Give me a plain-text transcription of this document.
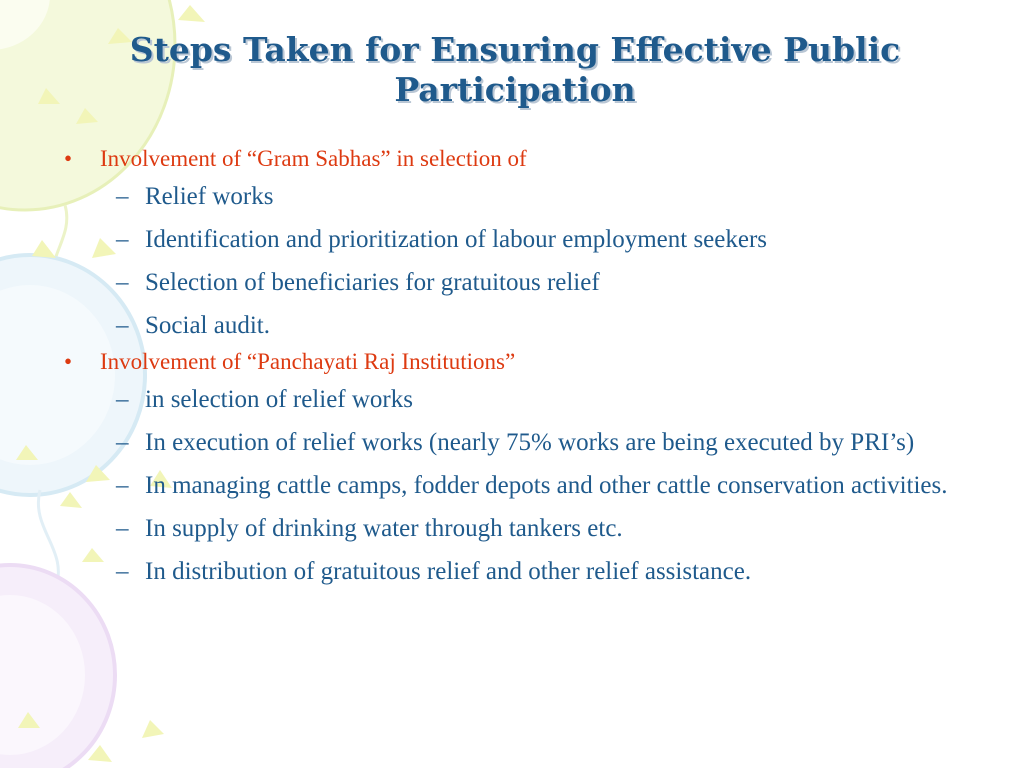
Steps Taken for Ensuring Effective Public Participation
• Involvement of “Gram Sabhas” in selection of
– Relief works
– Identification and prioritization of labour employment seekers
– Selection of beneficiaries for gratuitous relief
– Social audit.
• Involvement of “Panchayati Raj Institutions”
– in selection of relief works
– In execution of relief works (nearly 75% works are being executed by PRI’s)
– In managing cattle camps, fodder depots and other cattle conservation activities.
– In supply of drinking water through tankers etc.
– In distribution of gratuitous relief and other relief assistance.
